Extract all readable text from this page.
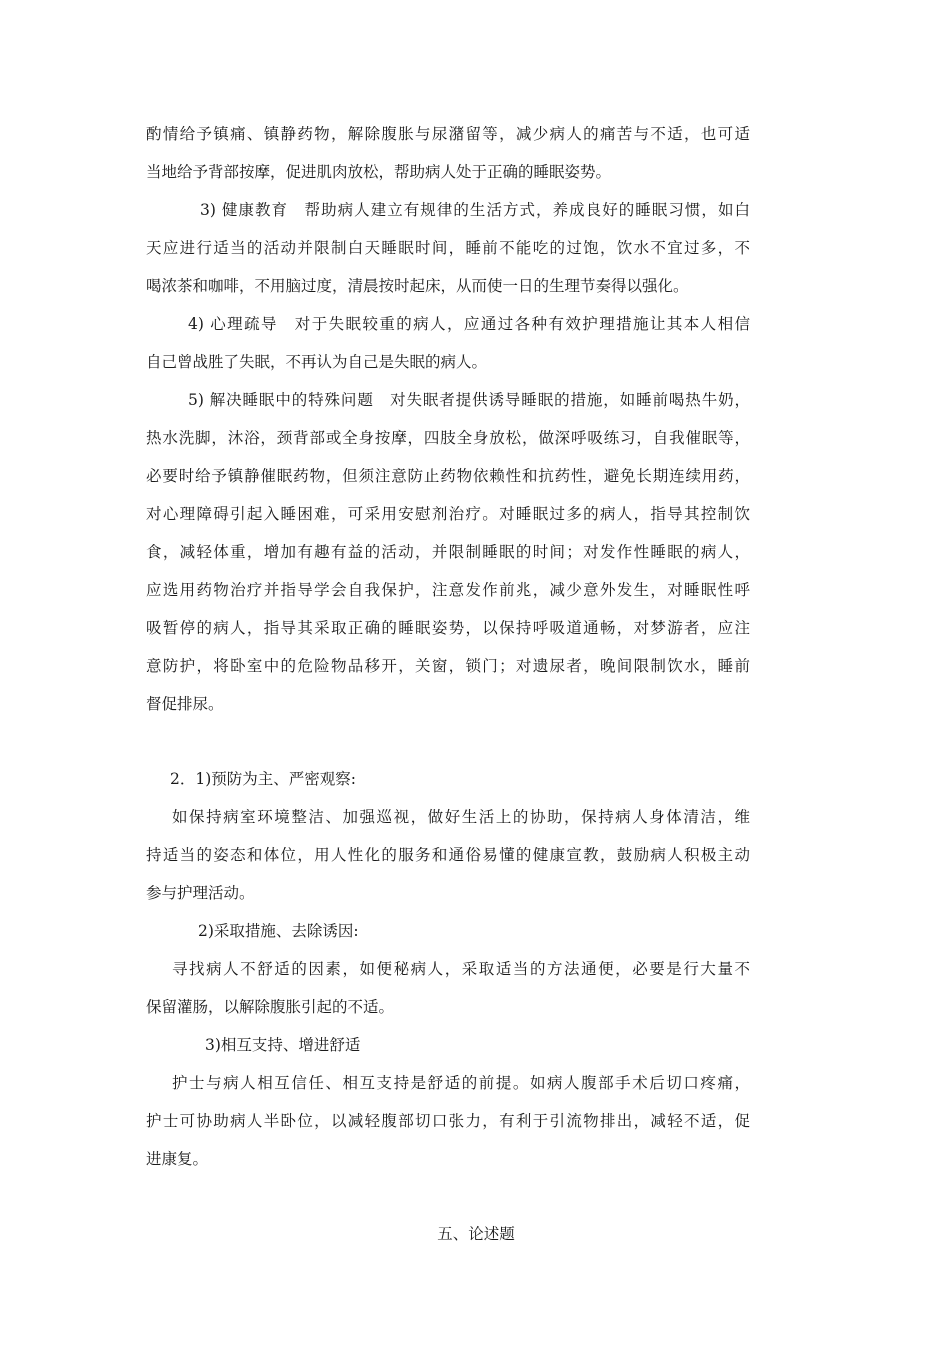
酌情给予镇痛、镇静药物，解除腹胀与尿潴留等，减少病人的痛苦与不适，也可适
当地给予背部按摩，促进肌肉放松，帮助病人处于正确的睡眠姿势。
3) 健康教育　帮助病人建立有规律的生活方式，养成良好的睡眠习惯，如白
天应进行适当的活动并限制白天睡眠时间，睡前不能吃的过饱，饮水不宜过多，不
喝浓茶和咖啡，不用脑过度，清晨按时起床，从而使一日的生理节奏得以强化。
4) 心理疏导　对于失眠较重的病人，应通过各种有效护理措施让其本人相信
自己曾战胜了失眠，不再认为自己是失眠的病人。
5) 解决睡眠中的特殊问题　对失眠者提供诱导睡眠的措施，如睡前喝热牛奶，
热水洗脚，沐浴，颈背部或全身按摩，四肢全身放松，做深呼吸练习，自我催眠等，
必要时给予镇静催眠药物，但须注意防止药物依赖性和抗药性，避免长期连续用药，
对心理障碍引起入睡困难，可采用安慰剂治疗。对睡眠过多的病人，指导其控制饮
食，减轻体重，增加有趣有益的活动，并限制睡眠的时间；对发作性睡眠的病人，
应选用药物治疗并指导学会自我保护，注意发作前兆，减少意外发生，对睡眠性呼
吸暂停的病人，指导其采取正确的睡眠姿势，以保持呼吸道通畅，对梦游者，应注
意防护，将卧室中的危险物品移开，关窗，锁门；对遗尿者，晚间限制饮水，睡前
督促排尿。
2．1)预防为主、严密观察:
如保持病室环境整洁、加强巡视，做好生活上的协助，保持病人身体清洁，维
持适当的姿态和体位，用人性化的服务和通俗易懂的健康宣教，鼓励病人积极主动
参与护理活动。
2)采取措施、去除诱因:
寻找病人不舒适的因素，如便秘病人，采取适当的方法通便，必要是行大量不
保留灌肠，以解除腹胀引起的不适。
3)相互支持、增进舒适
护士与病人相互信任、相互支持是舒适的前提。如病人腹部手术后切口疼痛，
护士可协助病人半卧位，以减轻腹部切口张力，有利于引流物排出，减轻不适，促
进康复。
五、论述题
